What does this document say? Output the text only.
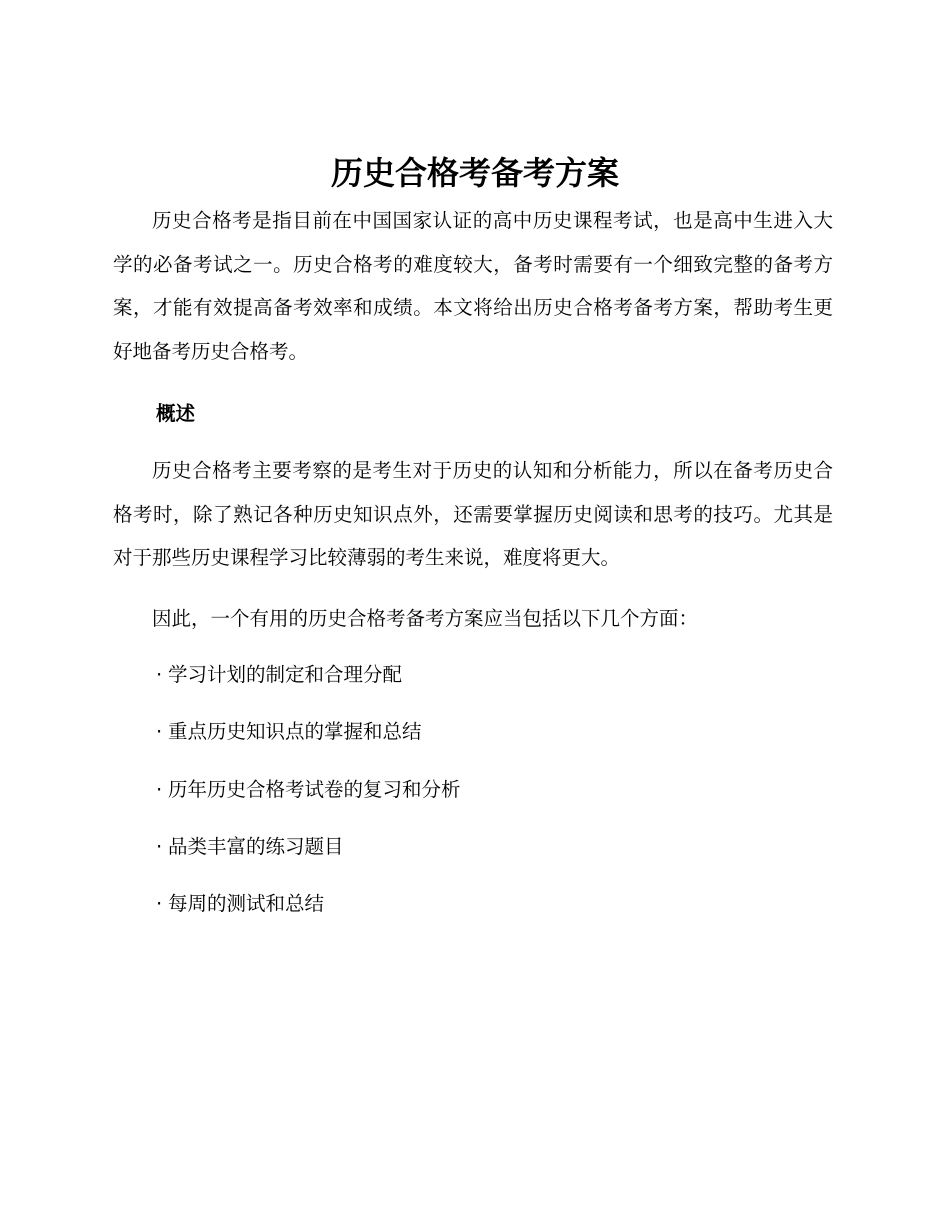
历史合格考备考方案

历史合格考是指目前在中国国家认证的高中历史课程考试，也是高中生进入大学的必备考试之一。历史合格考的难度较大，备考时需要有一个细致完整的备考方案，才能有效提高备考效率和成绩。本文将给出历史合格考备考方案，帮助考生更好地备考历史合格考。

概述

历史合格考主要考察的是考生对于历史的认知和分析能力，所以在备考历史合格考时，除了熟记各种历史知识点外，还需要掌握历史阅读和思考的技巧。尤其是对于那些历史课程学习比较薄弱的考生来说，难度将更大。

因此，一个有用的历史合格考备考方案应当包括以下几个方面：

· 学习计划的制定和合理分配

· 重点历史知识点的掌握和总结

· 历年历史合格考试卷的复习和分析

· 品类丰富的练习题目

· 每周的测试和总结
